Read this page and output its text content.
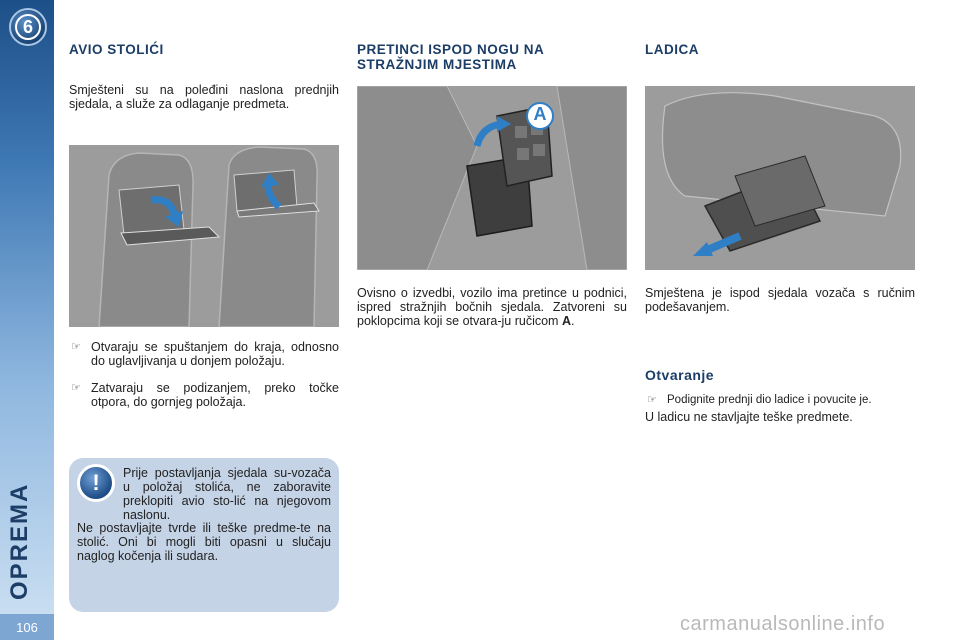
6
OPREMA
106
AVIO STOLIĆI
Smješteni su na poleđini naslona prednjih sjedala, a služe za odlaganje predmeta.
☞ Otvaraju se spuštanjem do kraja, odnosno do uglavljivanja u donjem položaju.
☞ Zatvaraju se podizanjem, preko točke otpora, do gornjeg položaja.
!	Prije postavljanja sjedala su-vozača u položaj stolića, ne zaboravite preklopiti avio sto-lić na njegovom naslonu.
Ne postavljajte tvrde ili teške predme-te na stolić. Oni bi mogli biti opasni u slučaju naglog kočenja ili sudara.
PRETINCI ISPOD NOGU NA STRAŽNJIM MJESTIMA
A
Ovisno o izvedbi, vozilo ima pretince u podnici, ispred stražnjih bočnih sjedala. Zatvoreni su poklopcima koji se otvara-ju ručicom A.
LADICA
Smještena je ispod sjedala vozača s ručnim podešavanjem.
Otvaranje
☞ Podignite prednji dio ladice i povucite je.
U ladicu ne stavljajte teške predmete.
carmanualsonline.info
